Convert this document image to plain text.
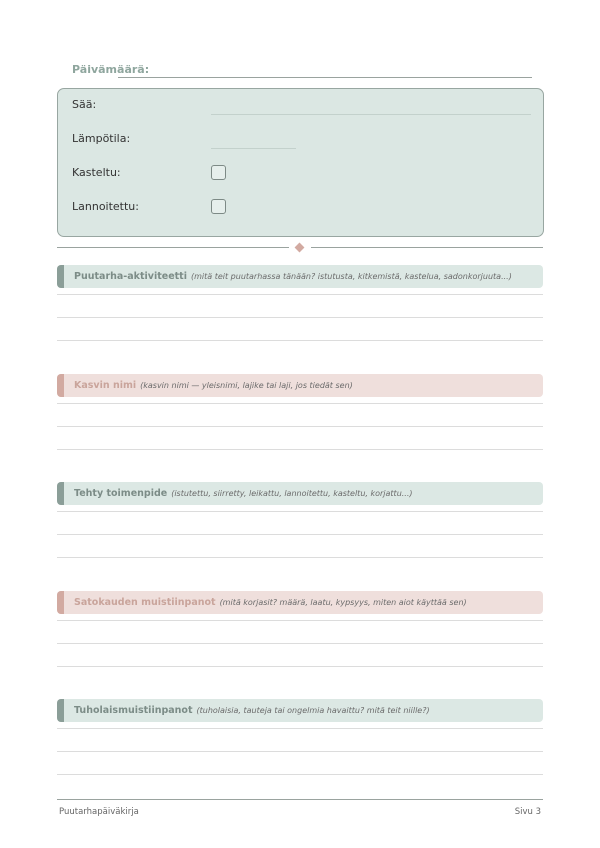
Päivämäärä:
Sää:
Lämpötila:
Kasteltu:
Lannoitettu:
Puutarha-aktiviteetti (mitä teit puutarhassa tänään? istutusta, kitkemistä, kastelua, sadonkorjuuta...)
Kasvin nimi (kasvin nimi — yleisnimi, lajike tai laji, jos tiedät sen)
Tehty toimenpide (istutettu, siirretty, leikattu, lannoitettu, kasteltu, korjattu...)
Satokauden muistiinpanot (mitä korjasit? määrä, laatu, kypsyys, miten aiot käyttää sen)
Tuholaismuistiinpanot (tuholaisia, tauteja tai ongelmia havaittu? mitä teit niille?)
Puutarhapäiväkirja	Sivu 3
